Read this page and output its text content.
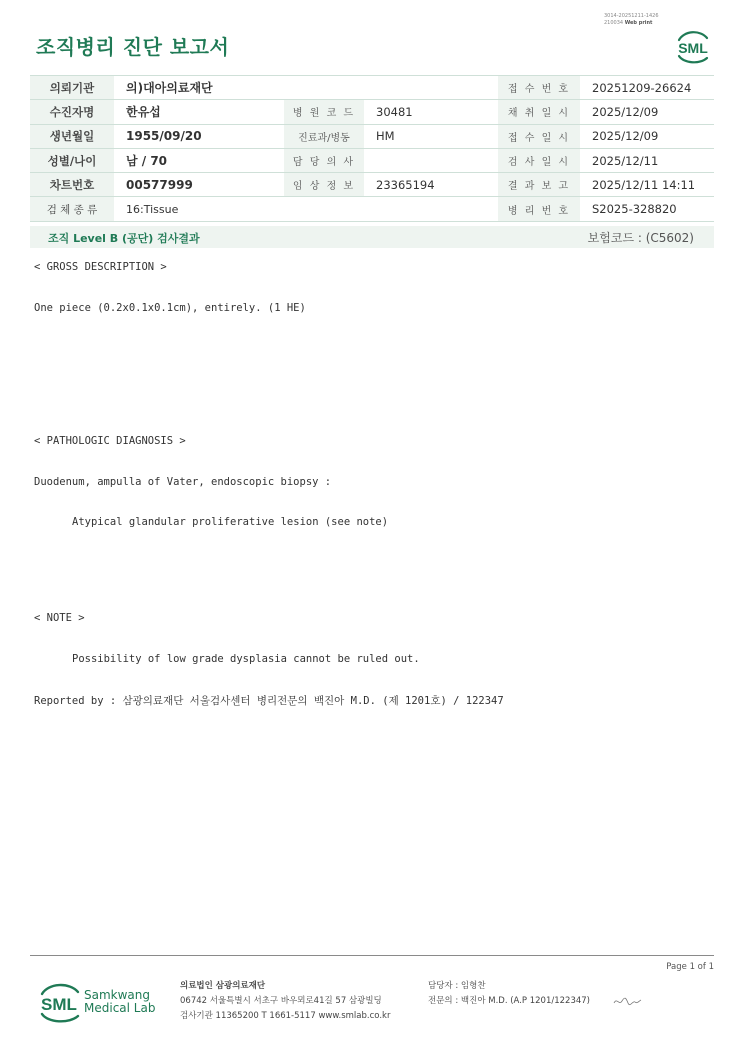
3014-20251211-1426
210034 Web print
조직병리 진단 보고서	SML
의뢰기관	의)대아의료재단			접 수 번 호	20251209-26624
수진자명	한유섭	병 원 코 드	30481	채 취 일 시	2025/12/09
생년월일	1955/09/20	진료과/병동	HM	접 수 일 시	2025/12/09
성별/나이	남 / 70	담 당 의 사		검 사 일 시	2025/12/11
차트번호	00577999	임 상 정 보	23365194	결 과 보 고	2025/12/11 14:11
검 체 종 류	16:Tissue			병 리 번 호	S2025-328820
조직 Level B (공단) 검사결과	보험코드 : (C5602)
< GROSS DESCRIPTION >
One piece (0.2x0.1x0.1cm), entirely. (1 HE)
< PATHOLOGIC DIAGNOSIS >
Duodenum, ampulla of Vater, endoscopic biopsy :
Atypical glandular proliferative lesion (see note)
< NOTE >
Possibility of low grade dysplasia cannot be ruled out.
Reported by : 삼광의료재단 서울검사센터 병리전문의 백진아 M.D. (제 1201호) / 122347
Page 1 of 1
SML Samkwang
Medical Lab
의료법인 삼광의료재단
06742 서울특별시 서초구 바우뫼로41길 57 삼광빌딩
검사기관 11365200 T 1661-5117 www.smlab.co.kr
담당자 : 임형찬
전문의 : 백진아 M.D. (A.P 1201/122347)
